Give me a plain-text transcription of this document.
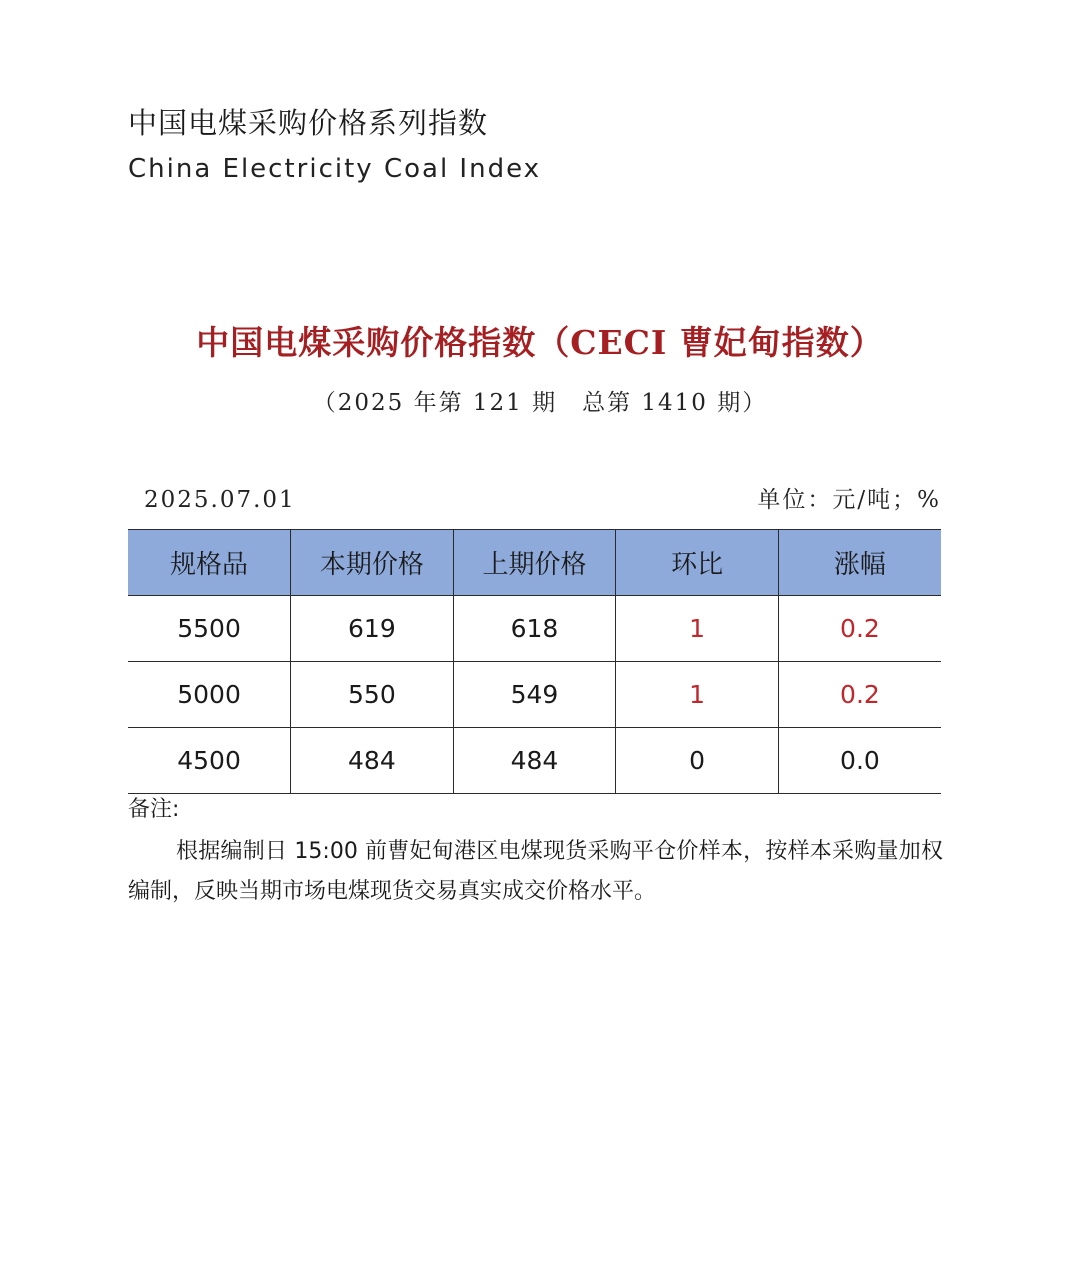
中国电煤采购价格系列指数
China Electricity Coal Index
中国电煤采购价格指数（CECI 曹妃甸指数）
（2025 年第 121 期　总第 1410 期）
2025.07.01	单位：元/吨；%
规格品	本期价格	上期价格	环比	涨幅
5500	619	618	1	0.2
5000	550	549	1	0.2
4500	484	484	0	0.0
备注:
根据编制日 15:00 前曹妃甸港区电煤现货采购平仓价样本，按样本采购量加权编制，反映当期市场电煤现货交易真实成交价格水平。
